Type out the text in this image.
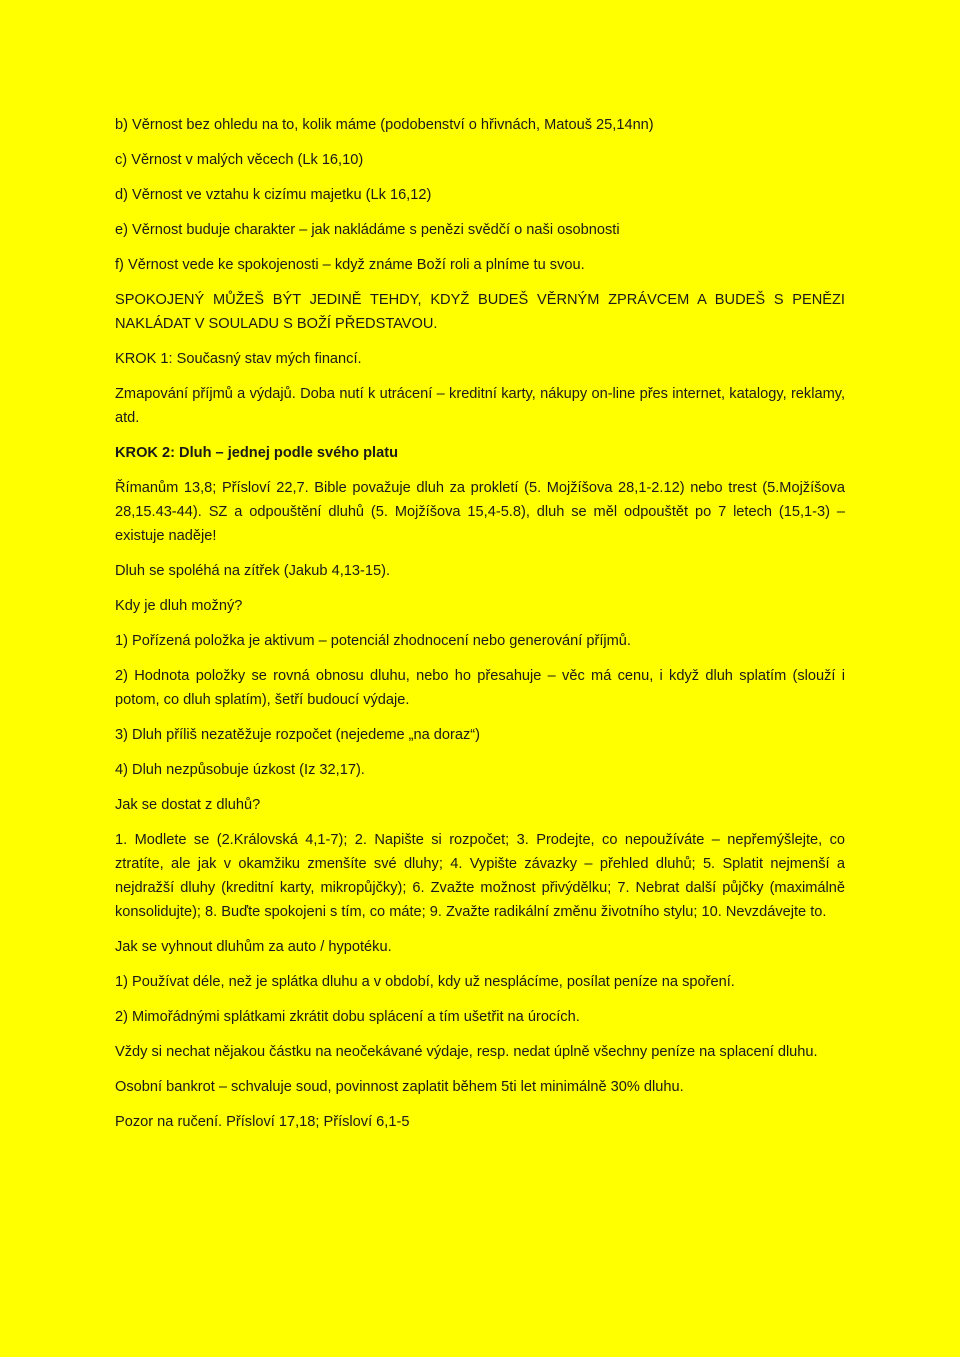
b) Věrnost bez ohledu na to, kolik máme (podobenství o hřivnách, Matouš 25,14nn)

c) Věrnost v malých věcech (Lk 16,10)

d) Věrnost ve vztahu k cizímu majetku (Lk 16,12)

e) Věrnost buduje charakter – jak nakládáme s penězi svědčí o naši osobnosti

f) Věrnost vede ke spokojenosti – když známe Boží roli a plníme tu svou.

SPOKOJENÝ MŮŽEŠ BÝT JEDINĚ TEHDY, KDYŽ BUDEŠ VĚRNÝM ZPRÁVCEM A BUDEŠ S PENĚZI NAKLÁDAT V SOULADU S BOŽÍ PŘEDSTAVOU.

KROK 1: Současný stav mých financí.

Zmapování příjmů a výdajů. Doba nutí k utrácení – kreditní karty, nákupy on-line přes internet, katalogy, reklamy, atd.

KROK 2: Dluh – jednej podle svého platu

Římanům 13,8; Přísloví 22,7. Bible považuje dluh za prokletí (5. Mojžíšova 28,1-2.12) nebo trest (5.Mojžíšova 28,15.43-44). SZ a odpouštění dluhů (5. Mojžíšova 15,4-5.8), dluh se měl odpouštět po 7 letech (15,1-3) – existuje naděje!

Dluh se spoléhá na zítřek (Jakub 4,13-15).

Kdy je dluh možný?

1) Pořízená položka je aktivum – potenciál zhodnocení nebo generování příjmů.

2) Hodnota položky se rovná obnosu dluhu, nebo ho přesahuje – věc má cenu, i když dluh splatím (slouží i potom, co dluh splatím), šetří budoucí výdaje.

3) Dluh příliš nezatěžuje rozpočet (nejedeme „na doraz“)

4) Dluh nezpůsobuje úzkost (Iz 32,17).

Jak se dostat z dluhů?

1. Modlete se (2.Královská 4,1-7); 2. Napište si rozpočet; 3. Prodejte, co nepoužíváte – nepřemýšlejte, co ztratíte, ale jak v okamžiku zmenšíte své dluhy; 4. Vypište závazky – přehled dluhů; 5. Splatit nejmenší a nejdražší dluhy (kreditní karty, mikropůjčky); 6. Zvažte možnost přivýdělku; 7. Nebrat další půjčky (maximálně konsolidujte); 8. Buďte spokojeni s tím, co máte; 9. Zvažte radikální změnu životního stylu; 10. Nevzdávejte to.

Jak se vyhnout dluhům za auto / hypotéku.

1) Používat déle, než je splátka dluhu a v období, kdy už nesplácíme, posílat peníze na spoření.

2) Mimořádnými splátkami zkrátit dobu splácení a tím ušetřit na úrocích.

Vždy si nechat nějakou částku na neočekávané výdaje, resp. nedat úplně všechny peníze na splacení dluhu.

Osobní bankrot – schvaluje soud, povinnost zaplatit během 5ti let minimálně 30% dluhu.

Pozor na ručení. Přísloví 17,18; Přísloví 6,1-5
